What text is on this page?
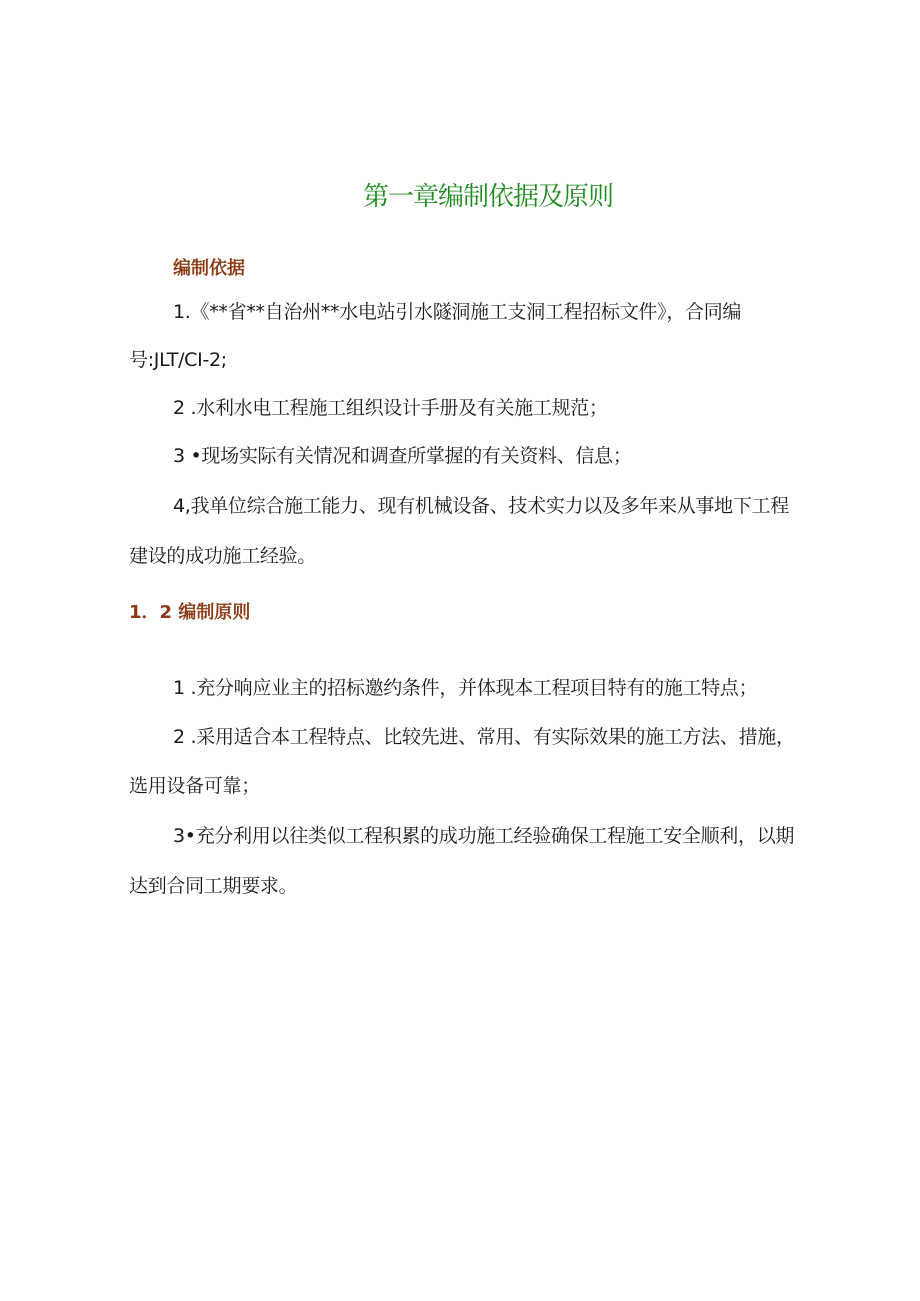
第一章编制依据及原则
编制依据
1.《**省**自治州**水电站引水隧洞施工支洞工程招标文件》，合同编
号:JLT/CI-2;
2 .水利水电工程施工组织设计手册及有关施工规范；
3 •现场实际有关情况和调查所掌握的有关资料、信息；
4,我单位综合施工能力、现有机械设备、技术实力以及多年来从事地下工程
建设的成功施工经验。
1．2 编制原则
1 .充分响应业主的招标邀约条件，并体现本工程项目特有的施工特点；
2 .采用适合本工程特点、比较先进、常用、有实际效果的施工方法、措施，
选用设备可靠；
3•充分利用以往类似工程积累的成功施工经验确保工程施工安全顺利，以期
达到合同工期要求。
